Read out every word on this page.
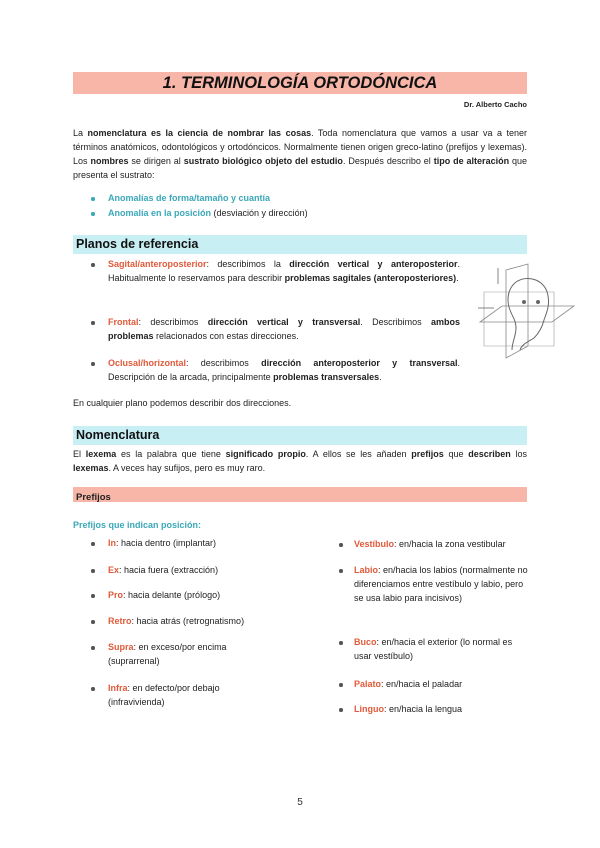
1. TERMINOLOGÍA ORTODÓNCICA
Dr. Alberto Cacho
La nomenclatura es la ciencia de nombrar las cosas. Toda nomenclatura que vamos a usar va a tener términos anatómicos, odontológicos y ortodóncicos. Normalmente tienen origen greco-latino (prefijos y lexemas). Los nombres se dirigen al sustrato biológico objeto del estudio. Después describo el tipo de alteración que presenta el sustrato:
Anomalías de forma/tamaño y cuantía
Anomalía en la posición (desviación y dirección)
Planos de referencia
Sagital/anteroposterior: describimos la dirección vertical y anteroposterior. Habitualmente lo reservamos para describir problemas sagitales (anteroposteriores).
Frontal: describimos dirección vertical y transversal. Describimos ambos problemas relacionados con estas direcciones.
Oclusal/horizontal: describimos dirección anteroposterior y transversal. Descripción de la arcada, principalmente problemas transversales.
En cualquier plano podemos describir dos direcciones.
Nomenclatura
El lexema es la palabra que tiene significado propio. A ellos se les añaden prefijos que describen los lexemas. A veces hay sufijos, pero es muy raro.
Prefijos
Prefijos que indican posición:
In: hacia dentro (implantar)
Ex: hacia fuera (extracción)
Pro: hacia delante (prólogo)
Retro: hacia atrás (retrognatismo)
Supra: en exceso/por encima (suprarrenal)
Infra: en defecto/por debajo (infravivienda)
Vestíbulo: en/hacia la zona vestibular
Labio: en/hacia los labios (normalmente no diferenciamos entre vestíbulo y labio, pero se usa labio para incisivos)
Buco: en/hacia el exterior (lo normal es usar vestíbulo)
Palato: en/hacia el paladar
Linguo: en/hacia la lengua
5
